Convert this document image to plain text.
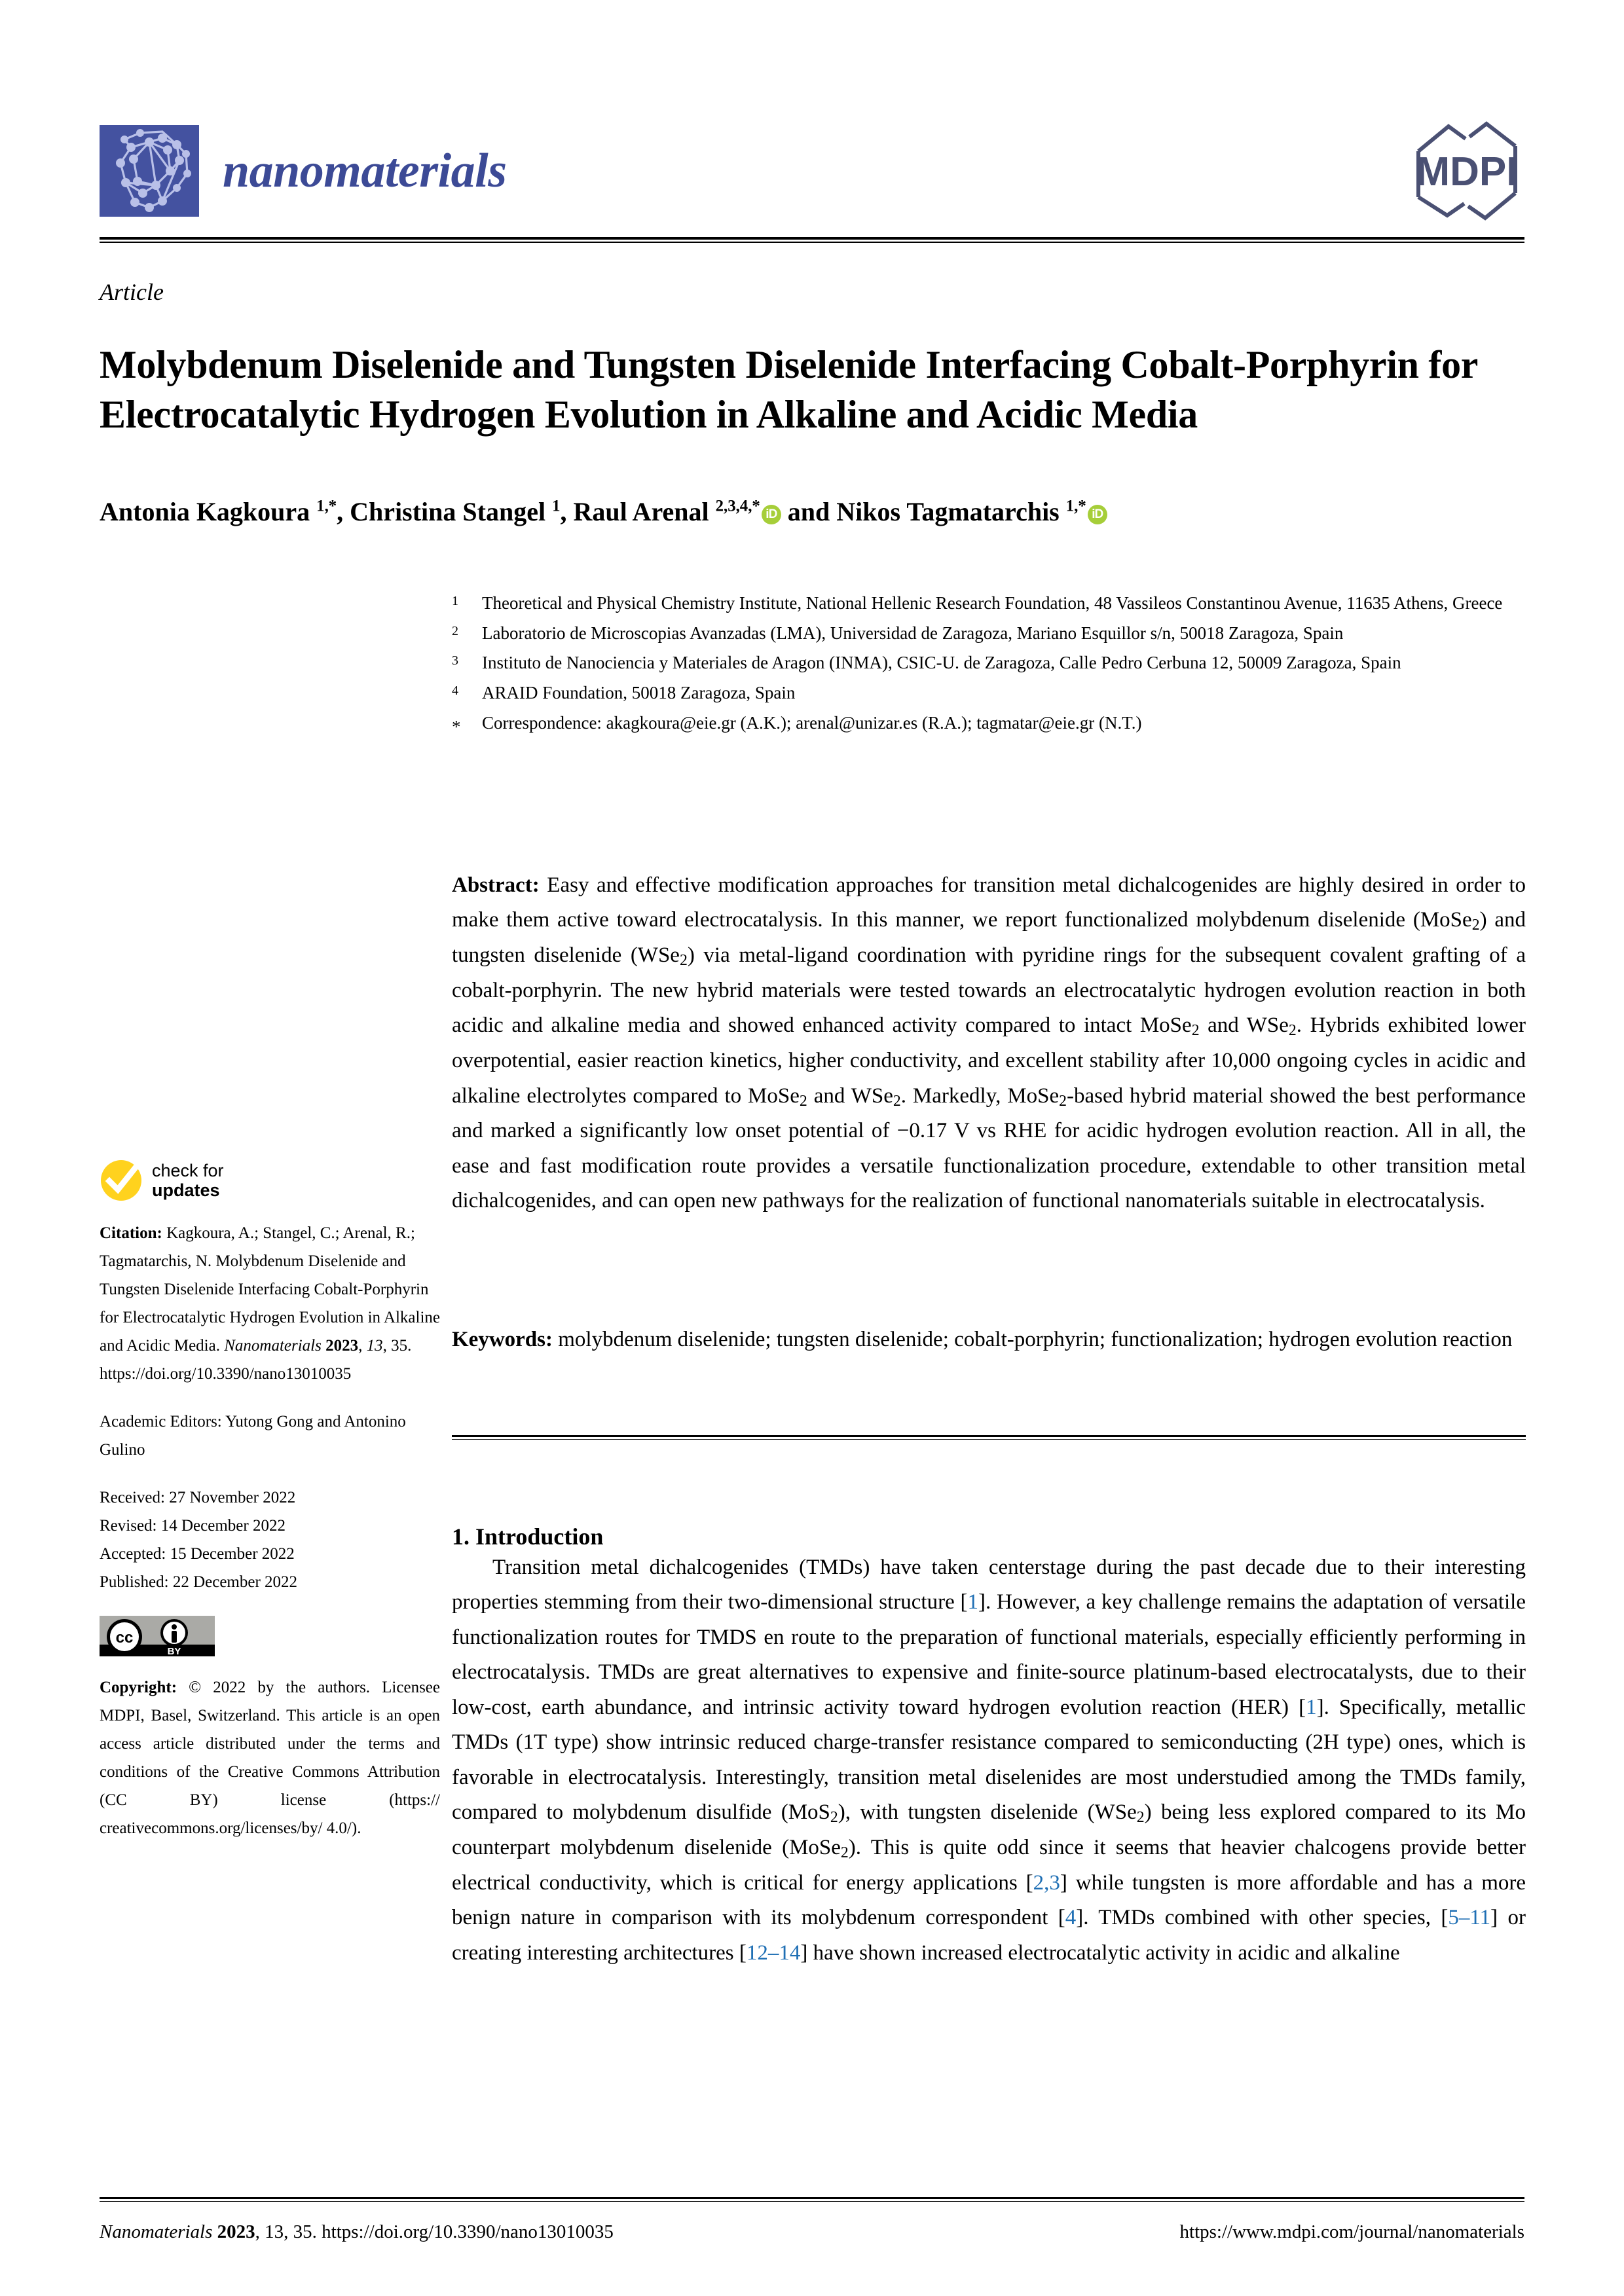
nanomaterials	MDPI
Article
Molybdenum Diselenide and Tungsten Diselenide Interfacing Cobalt-Porphyrin for Electrocatalytic Hydrogen Evolution in Alkaline and Acidic Media
Antonia Kagkoura $^{1,*}$, Christina Stangel $^1$, Raul Arenal $^{2,3,4,*}$ iD and Nikos Tagmatarchis $^{1,*}$ iD
1	Theoretical and Physical Chemistry Institute, National Hellenic Research Foundation, 48 Vassileos Constantinou Avenue, 11635 Athens, Greece
2	Laboratorio de Microscopias Avanzadas (LMA), Universidad de Zaragoza, Mariano Esquillor s/n, 50018 Zaragoza, Spain
3	Instituto de Nanociencia y Materiales de Aragon (INMA), CSIC-U. de Zaragoza, Calle Pedro Cerbuna 12, 50009 Zaragoza, Spain
4	ARAID Foundation, 50018 Zaragoza, Spain
*	Correspondence: akagkoura@eie.gr (A.K.); arenal@unizar.es (R.A.); tagmatar@eie.gr (N.T.)
Abstract: Easy and effective modification approaches for transition metal dichalcogenides are highly desired in order to make them active toward electrocatalysis. In this manner, we report functionalized molybdenum diselenide (MoSe$_2$) and tungsten diselenide (WSe$_2$) via metal-ligand coordination with pyridine rings for the subsequent covalent grafting of a cobalt-porphyrin. The new hybrid materials were tested towards an electrocatalytic hydrogen evolution reaction in both acidic and alkaline media and showed enhanced activity compared to intact MoSe$_2$ and WSe$_2$. Hybrids exhibited lower overpotential, easier reaction kinetics, higher conductivity, and excellent stability after 10,000 ongoing cycles in acidic and alkaline electrolytes compared to MoSe$_2$ and WSe$_2$. Markedly, MoSe$_2$-based hybrid material showed the best performance and marked a significantly low onset potential of −0.17 V vs RHE for acidic hydrogen evolution reaction. All in all, the ease and fast modification route provides a versatile functionalization procedure, extendable to other transition metal dichalcogenides, and can open new pathways for the realization of functional nanomaterials suitable in electrocatalysis.
Keywords: molybdenum diselenide; tungsten diselenide; cobalt-porphyrin; functionalization; hydrogen evolution reaction
1. Introduction
Transition metal dichalcogenides (TMDs) have taken centerstage during the past decade due to their interesting properties stemming from their two-dimensional structure [1]. However, a key challenge remains the adaptation of versatile functionalization routes for TMDS en route to the preparation of functional materials, especially efficiently performing in electrocatalysis. TMDs are great alternatives to expensive and finite-source platinum-based electrocatalysts, due to their low-cost, earth abundance, and intrinsic activity toward hydrogen evolution reaction (HER) [1]. Specifically, metallic TMDs (1T type) show intrinsic reduced charge-transfer resistance compared to semiconducting (2H type) ones, which is favorable in electrocatalysis. Interestingly, transition metal diselenides are most understudied among the TMDs family, compared to molybdenum disulfide (MoS$_2$), with tungsten diselenide (WSe$_2$) being less explored compared to its Mo counterpart molybdenum diselenide (MoSe$_2$). This is quite odd since it seems that heavier chalcogens provide better electrical conductivity, which is critical for energy applications [2,3] while tungsten is more affordable and has a more benign nature in comparison with its molybdenum correspondent [4]. TMDs combined with other species, [5–11] or creating interesting architectures [12–14] have shown increased electrocatalytic activity in acidic and alkaline
check for
updates
Citation: Kagkoura, A.; Stangel, C.; Arenal, R.; Tagmatarchis, N. Molybdenum Diselenide and Tungsten Diselenide Interfacing Cobalt-Porphyrin for Electrocatalytic Hydrogen Evolution in Alkaline and Acidic Media. Nanomaterials 2023, 13, 35. https://doi.org/10.3390/nano13010035
Academic Editors: Yutong Gong and Antonino Gulino
Received: 27 November 2022
Revised: 14 December 2022
Accepted: 15 December 2022
Published: 22 December 2022
cc
BY
Copyright: © 2022 by the authors. Licensee MDPI, Basel, Switzerland. This article is an open access article distributed under the terms and conditions of the Creative Commons Attribution (CC BY) license (https:// creativecommons.org/licenses/by/ 4.0/).
Nanomaterials 2023, 13, 35. https://doi.org/10.3390/nano13010035	https://www.mdpi.com/journal/nanomaterials
